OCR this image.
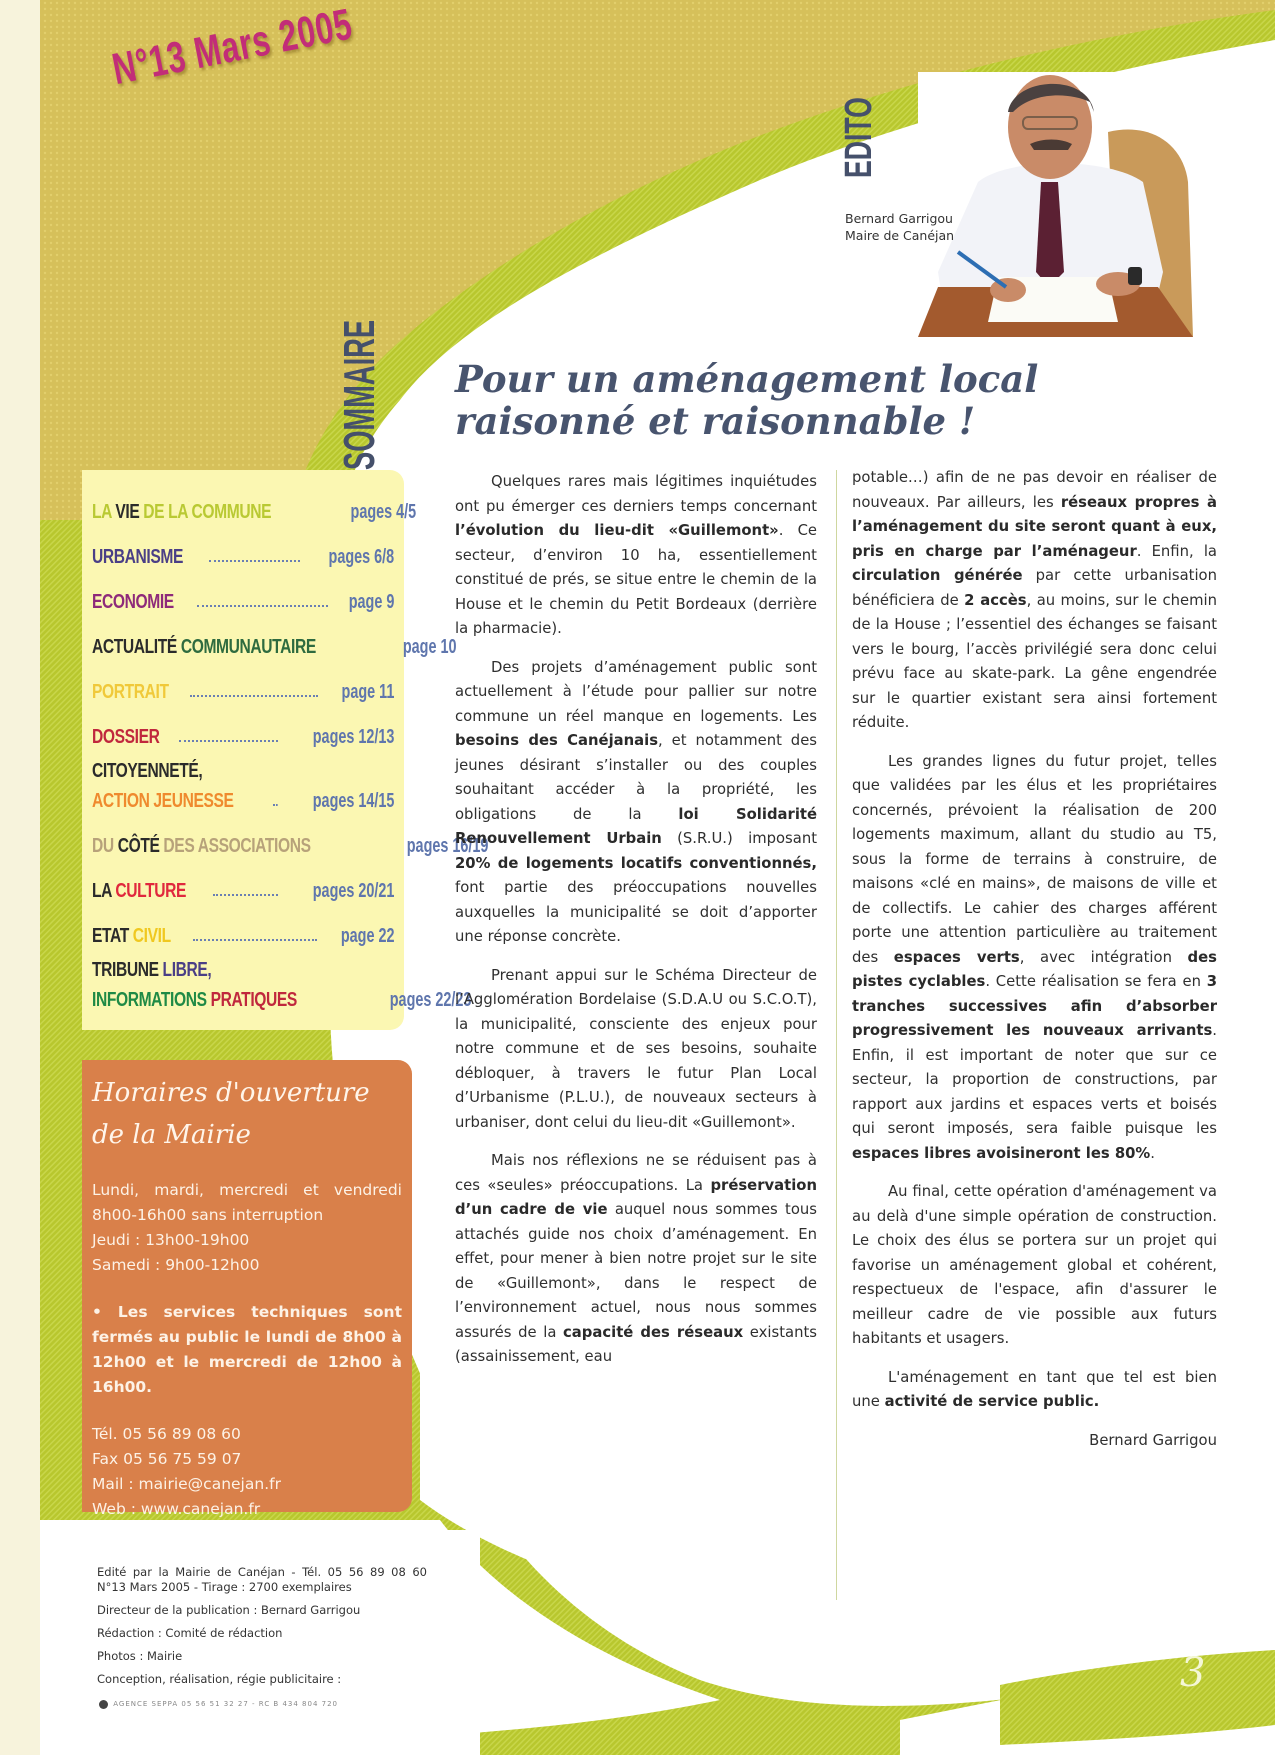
N°13 Mars 2005
EDITO
Bernard Garrigou
Maire de Canéjan
SOMMAIRE
LA VIE DE LA COMMUNE	pages 4/5
URBANISME	pages 6/8
ECONOMIE	page 9
ACTUALITÉ COMMUNAUTAIRE	page 10
PORTRAIT	page 11
DOSSIER	pages 12/13
CITOYENNETÉ,
ACTION JEUNESSE	pages 14/15
DU CÔTÉ DES ASSOCIATIONS	pages 16/19
LA CULTURE	pages 20/21
ETAT CIVIL	page 22
TRIBUNE LIBRE,
INFORMATIONS PRATIQUES	pages 22/23
Horaires d'ouverture
de la Mairie
Lundi, mardi, mercredi et vendredi
8h00-16h00 sans interruption
Jeudi : 13h00-19h00
Samedi : 9h00-12h00
• Les services techniques sont fermés au public le lundi de 8h00 à 12h00 et le mercredi de 12h00 à 16h00.
Tél. 05 56 89 08 60
Fax 05 56 75 59 07
Mail : mairie@canejan.fr
Web : www.canejan.fr
Edité par la Mairie de Canéjan - Tél. 05 56 89 08 60
N°13 Mars 2005 - Tirage : 2700 exemplaires

Directeur de la publication : Bernard Garrigou

Rédaction : Comité de rédaction

Photos : Mairie

Conception, réalisation, régie publicitaire :

AGENCE SEPPA 05 56 51 32 27 - RC B 434 804 720
Pour un aménagement local
raisonné et raisonnable !

Quelques rares mais légitimes inquiétudes ont pu émerger ces derniers temps concernant l’évolution du lieu-dit «Guillemont». Ce secteur, d’environ 10 ha, essentiellement constitué de prés, se situe entre le chemin de la House et le chemin du Petit Bordeaux (derrière la pharmacie).

Des projets d’aménagement public sont actuellement à l’étude pour pallier sur notre commune un réel manque en logements. Les besoins des Canéjanais, et notamment des jeunes désirant s’installer ou des couples souhaitant accéder à la propriété, les obligations de la loi Solidarité Renouvellement Urbain (S.R.U.) imposant 20% de logements locatifs conventionnés, font partie des préoccupations nouvelles auxquelles la municipalité se doit d’apporter une réponse concrète.

Prenant appui sur le Schéma Directeur de l’Agglomération Bordelaise (S.D.A.U ou S.C.O.T), la municipalité, consciente des enjeux pour notre commune et de ses besoins, souhaite débloquer, à travers le futur Plan Local d’Urbanisme (P.L.U.), de nouveaux secteurs à urbaniser, dont celui du lieu-dit «Guillemont».

Mais nos réflexions ne se réduisent pas à ces «seules» préoccupations. La préservation d’un cadre de vie auquel nous sommes tous attachés guide nos choix d’aménagement. En effet, pour mener à bien notre projet sur le site de «Guillemont», dans le respect de l’environnement actuel, nous nous sommes assurés de la capacité des réseaux existants (assainissement, eau

potable…) afin de ne pas devoir en réaliser de nouveaux. Par ailleurs, les réseaux propres à l’aménagement du site seront quant à eux, pris en charge par l’aménageur. Enfin, la circulation générée par cette urbanisation bénéficiera de 2 accès, au moins, sur le chemin de la House ; l’essentiel des échanges se faisant vers le bourg, l’accès privilégié sera donc celui prévu face au skate-park. La gêne engendrée sur le quartier existant sera ainsi fortement réduite.

Les grandes lignes du futur projet, telles que validées par les élus et les propriétaires concernés, prévoient la réalisation de 200 logements maximum, allant du studio au T5, sous la forme de terrains à construire, de maisons «clé en mains», de maisons de ville et de collectifs. Le cahier des charges afférent porte une attention particulière au traitement des espaces verts, avec intégration des pistes cyclables. Cette réalisation se fera en 3 tranches successives afin d’absorber progressivement les nouveaux arrivants. Enfin, il est important de noter que sur ce secteur, la proportion de constructions, par rapport aux jardins et espaces verts et boisés qui seront imposés, sera faible puisque les espaces libres avoisineront les 80%.

Au final, cette opération d'aménagement va au delà d'une simple opération de construction. Le choix des élus se portera sur un projet qui favorise un aménagement global et cohérent, respectueux de l'espace, afin d'assurer le meilleur cadre de vie possible aux futurs habitants et usagers.

L'aménagement en tant que tel est bien une activité de service public.

Bernard Garrigou

3
